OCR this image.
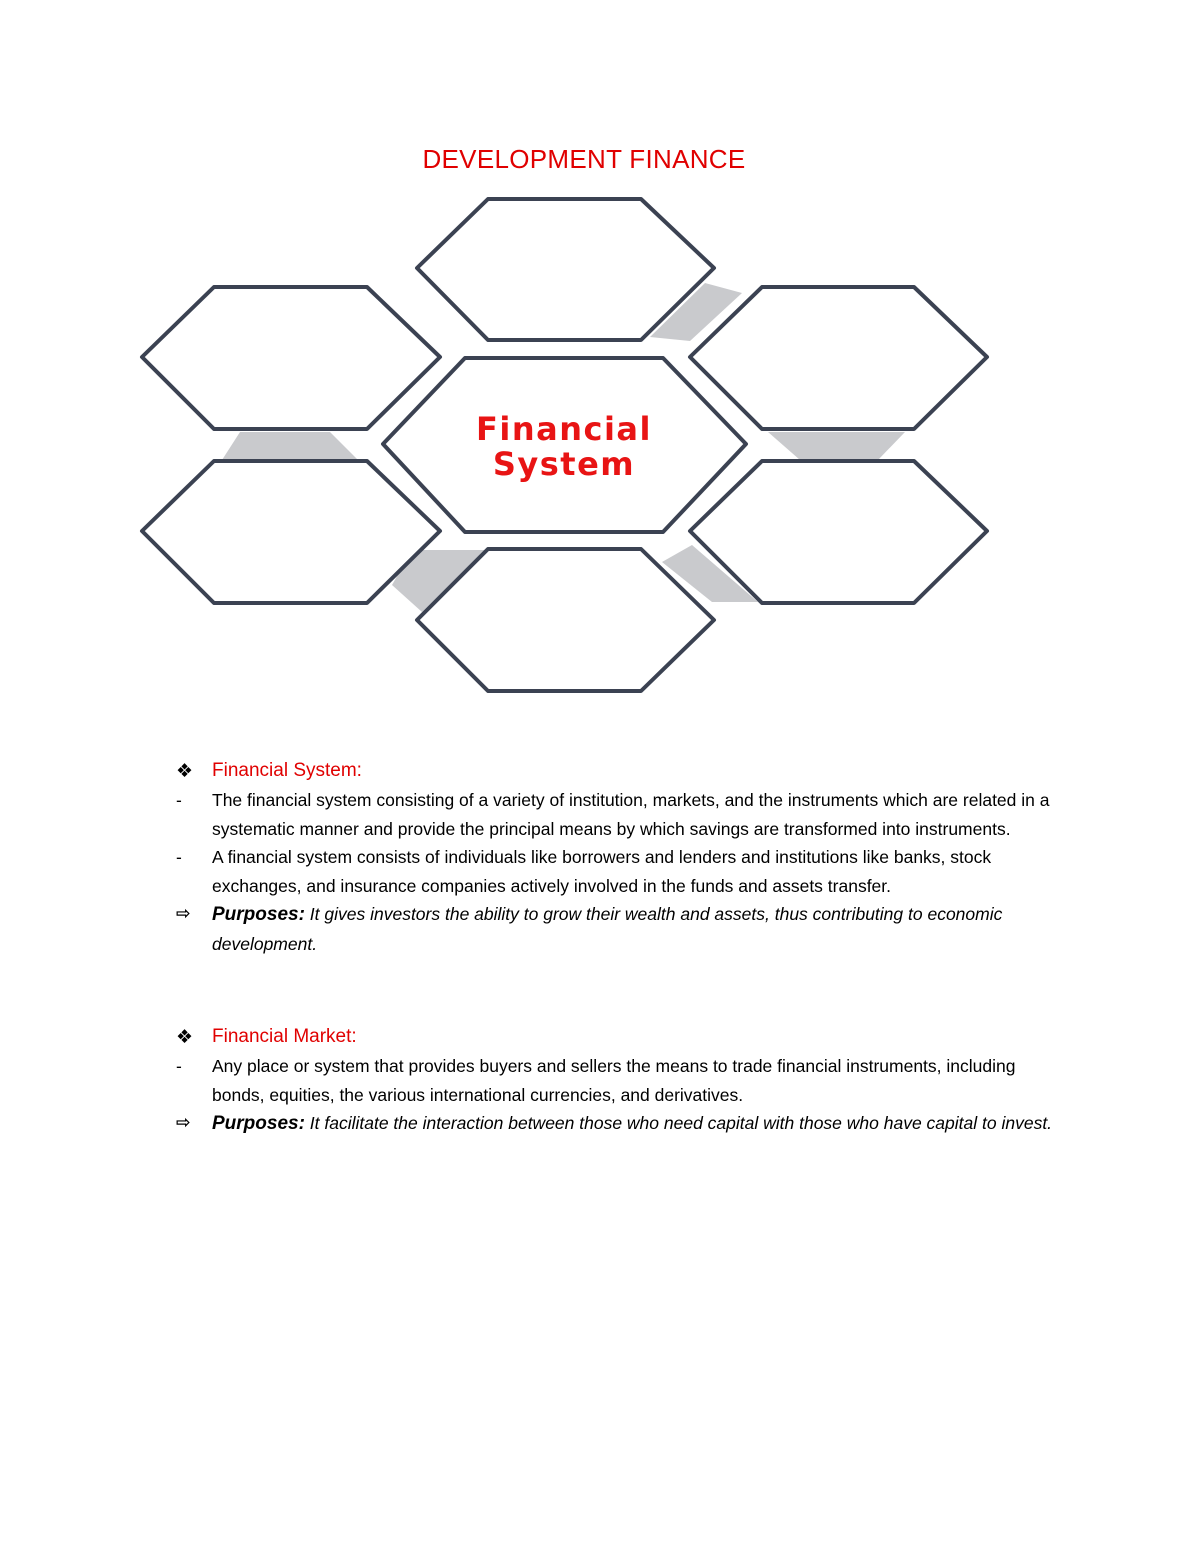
DEVELOPMENT FINANCE
Financial
System
❖ Financial System:
- The financial system consisting of a variety of institution, markets, and the instruments which are related in a systematic manner and provide the principal means by which savings are transformed into instruments.
- A financial system consists of individuals like borrowers and lenders and institutions like banks, stock exchanges, and insurance companies actively involved in the funds and assets transfer.
⇨ Purposes: It gives investors the ability to grow their wealth and assets, thus contributing to economic development.
❖ Financial Market:
- Any place or system that provides buyers and sellers the means to trade financial instruments, including bonds, equities, the various international currencies, and derivatives.
⇨ Purposes: It facilitate the interaction between those who need capital with those who have capital to invest.
